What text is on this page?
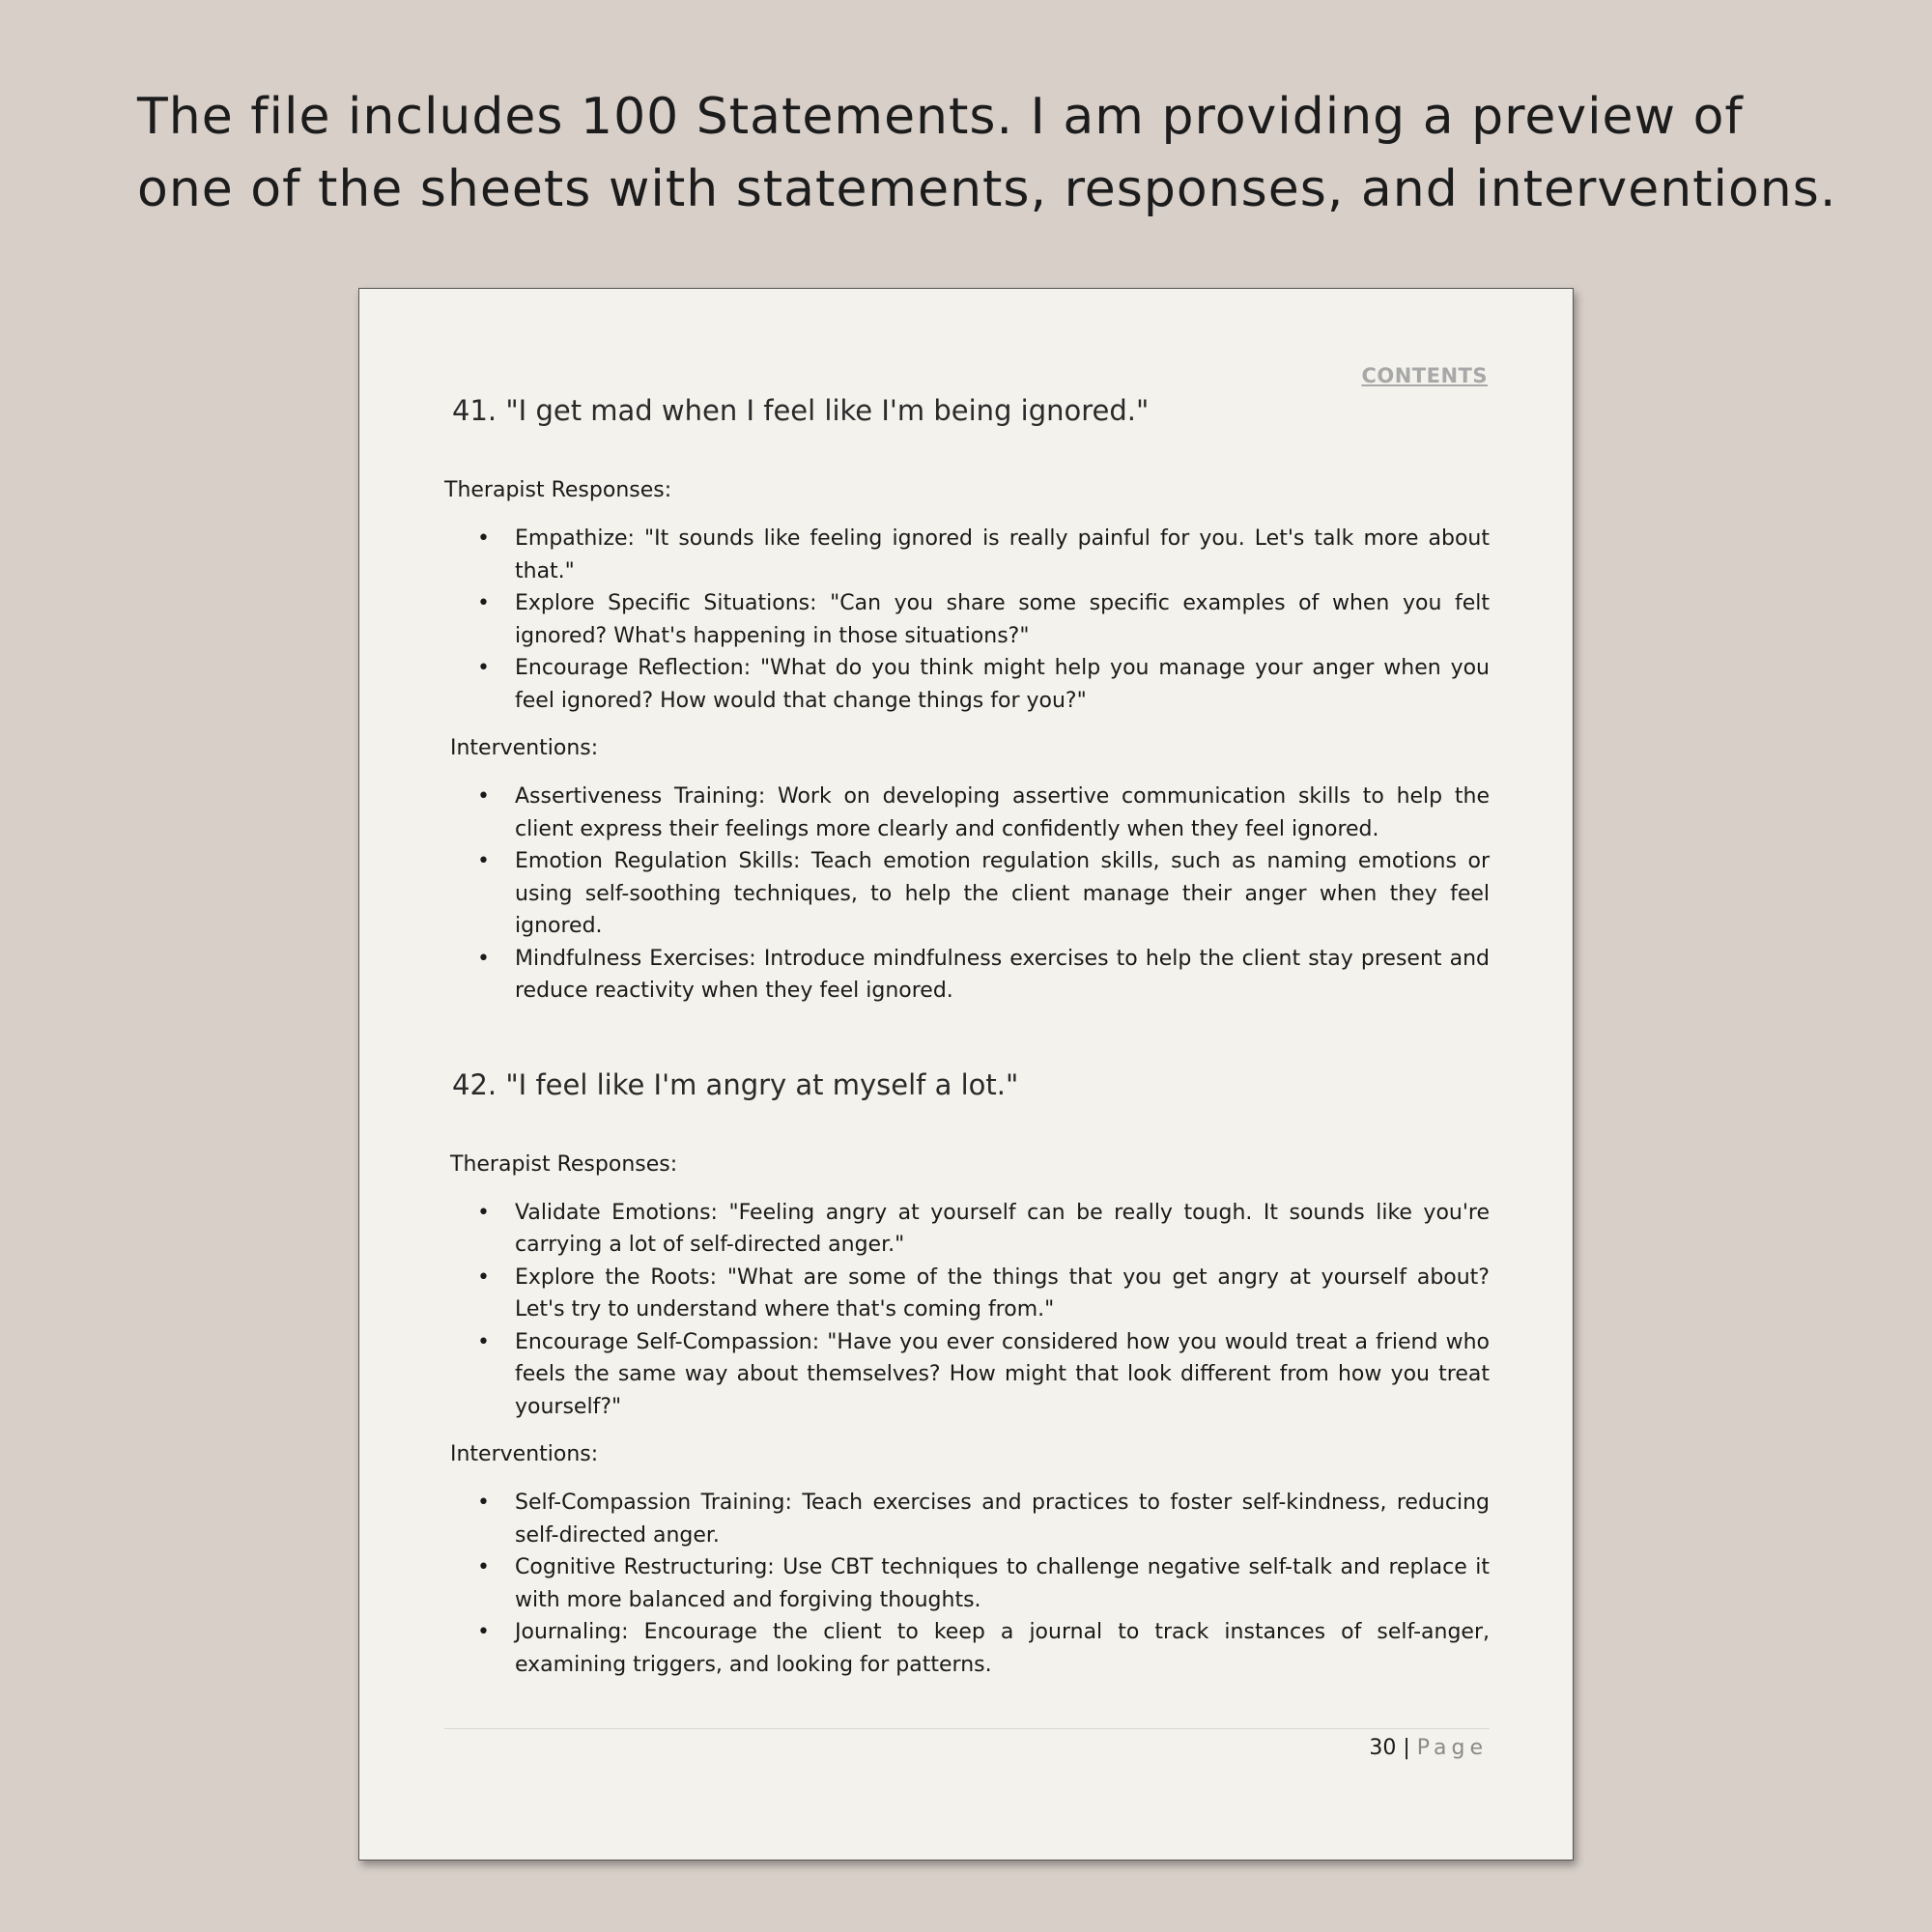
The file includes 100 Statements. I am providing a preview of one of the sheets with statements, responses, and interventions.
CONTENTS
41. "I get mad when I feel like I'm being ignored."

Therapist Responses:

• Empathize: "It sounds like feeling ignored is really painful for you. Let's talk more about that."
• Explore Specific Situations: "Can you share some specific examples of when you felt ignored? What's happening in those situations?"
• Encourage Reflection: "What do you think might help you manage your anger when you feel ignored? How would that change things for you?"

Interventions:

• Assertiveness Training: Work on developing assertive communication skills to help the client express their feelings more clearly and confidently when they feel ignored.
• Emotion Regulation Skills: Teach emotion regulation skills, such as naming emotions or using self-soothing techniques, to help the client manage their anger when they feel ignored.
• Mindfulness Exercises: Introduce mindfulness exercises to help the client stay present and reduce reactivity when they feel ignored.
42. "I feel like I'm angry at myself a lot."

Therapist Responses:

• Validate Emotions: "Feeling angry at yourself can be really tough. It sounds like you're carrying a lot of self-directed anger."
• Explore the Roots: "What are some of the things that you get angry at yourself about? Let's try to understand where that's coming from."
• Encourage Self-Compassion: "Have you ever considered how you would treat a friend who feels the same way about themselves? How might that look different from how you treat yourself?"

Interventions:

• Self-Compassion Training: Teach exercises and practices to foster self-kindness, reducing self-directed anger.
• Cognitive Restructuring: Use CBT techniques to challenge negative self-talk and replace it with more balanced and forgiving thoughts.
• Journaling: Encourage the client to keep a journal to track instances of self-anger, examining triggers, and looking for patterns.
30 | Page
